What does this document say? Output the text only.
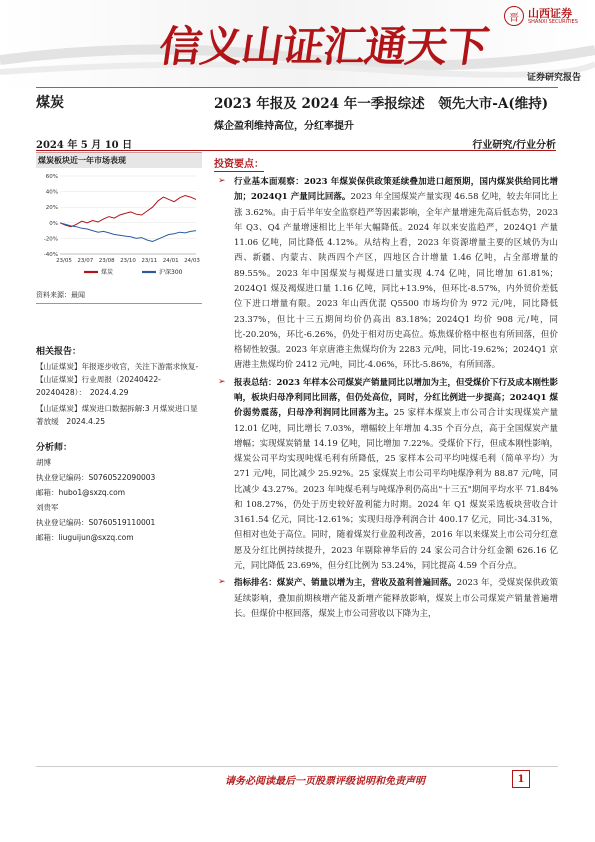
信义山证汇通天下
晋 山西证券
SHANXI SECURITIES
证券研究报告
煤炭	2023 年报及 2024 年一季报综述　领先大市-A(维持)
煤企盈利维持高位，分红率提升
2024 年 5 月 10 日	行业研究/行业分析
煤炭板块近一年市场表现
60%
40%
20%
0%
-20%
-40%
23/05 23/07 23/08 23/10 23/11 24/01 24/03
煤炭	沪深300
资料来源：最闻
相关报告：
【山证煤炭】年报逐步收官，关注下游需求恢复-【山证煤炭】行业周报（20240422-20240428）：　2024.4.29
【山证煤炭】煤炭进口数据拆解:3 月煤炭进口显著放缓　2024.4.25
分析师：
胡博
执业登记编码：S0760522090003
邮箱：hubo1@sxzq.com
刘贵军
执业登记编码：S0760519110001
邮箱：liuguijun@sxzq.com
投资要点：
➢ 行业基本面观察：2023 年煤炭保供政策延续叠加进口超预期，国内煤炭供给同比增加；2024Q1 产量同比回落。2023 年全国煤炭产量实现 46.58 亿吨，较去年同比上涨 3.62%。由于后半年安全监察趋严等因素影响，全年产量增速先高后低态势，2023 年 Q3、Q4 产量增速相比上半年大幅降低。2024 年以来安监趋严，2024Q1 产量 11.06 亿吨，同比降低 4.12%。从结构上看，2023 年资源增量主要的区域仍为山西、新疆、内蒙古、陕西四个产区，四地区合计增量 1.46 亿吨，占全部增量的 89.55%。2023 年中国煤炭与褐煤进口量实现 4.74 亿吨，同比增加 61.81%；2024Q1 煤及褐煤进口量 1.16 亿吨，同比+13.9%，但环比-8.57%，内外贸价差低位下进口增量有限。2023 年山西优混 Q5500 市场均价为 972 元/吨，同比降低 23.37%，但比十三五期间均价仍高出 83.18%；2024Q1 均价 908 元/吨，同比-20.20%，环比-6.26%，仍处于相对历史高位。炼焦煤价格中枢也有所回落，但价格韧性较强。2023 年京唐港主焦煤均价为 2283 元/吨，同比-19.62%；2024Q1 京唐港主焦煤均价 2412 元/吨，同比-4.06%，环比-5.86%，有所回落。
➢ 报表总结：2023 年样本公司煤炭产销量同比以增加为主，但受煤价下行及成本刚性影响，板块归母净利同比回落，但仍处高位，同时，分红比例进一步提高；2024Q1 煤价弱势震荡，归母净利润同比回落为主。25 家样本煤炭上市公司合计实现煤炭产量 12.01 亿吨，同比增长 7.03%，增幅较上年增加 4.35 个百分点，高于全国煤炭产量增幅；实现煤炭销量 14.19 亿吨，同比增加 7.22%。受煤价下行，但成本刚性影响，煤炭公司平均实现吨煤毛利有所降低，25 家样本公司平均吨煤毛利（简单平均）为 271 元/吨，同比减少 25.92%。25 家煤炭上市公司平均吨煤净利为 88.87 元/吨，同比减少 43.27%。2023 年吨煤毛利与吨煤净利仍高出"十三五"期间平均水平 71.84%和 108.27%，仍处于历史较好盈利能力时期。2024 年 Q1 煤炭采选板块营收合计 3161.54 亿元，同比-12.61%；实现归母净利润合计 400.17 亿元，同比-34.31%，但相对也处于高位。同时，随着煤炭行业盈利改善，2016 年以来煤炭上市公司分红意愿及分红比例持续提升，2023 年剔除神华后的 24 家公司合计分红金额 626.16 亿元，同比降低 23.69%，但分红比例为 53.24%，同比提高 4.59 个百分点。
➢ 指标排名：煤炭产、销量以增为主，营收及盈利普遍回落。2023 年，受煤炭保供政策延续影响，叠加前期核增产能及新增产能释放影响，煤炭上市公司煤炭产销量普遍增长。但煤价中枢回落，煤炭上市公司营收以下降为主，
请务必阅读最后一页股票评级说明和免责声明	1
